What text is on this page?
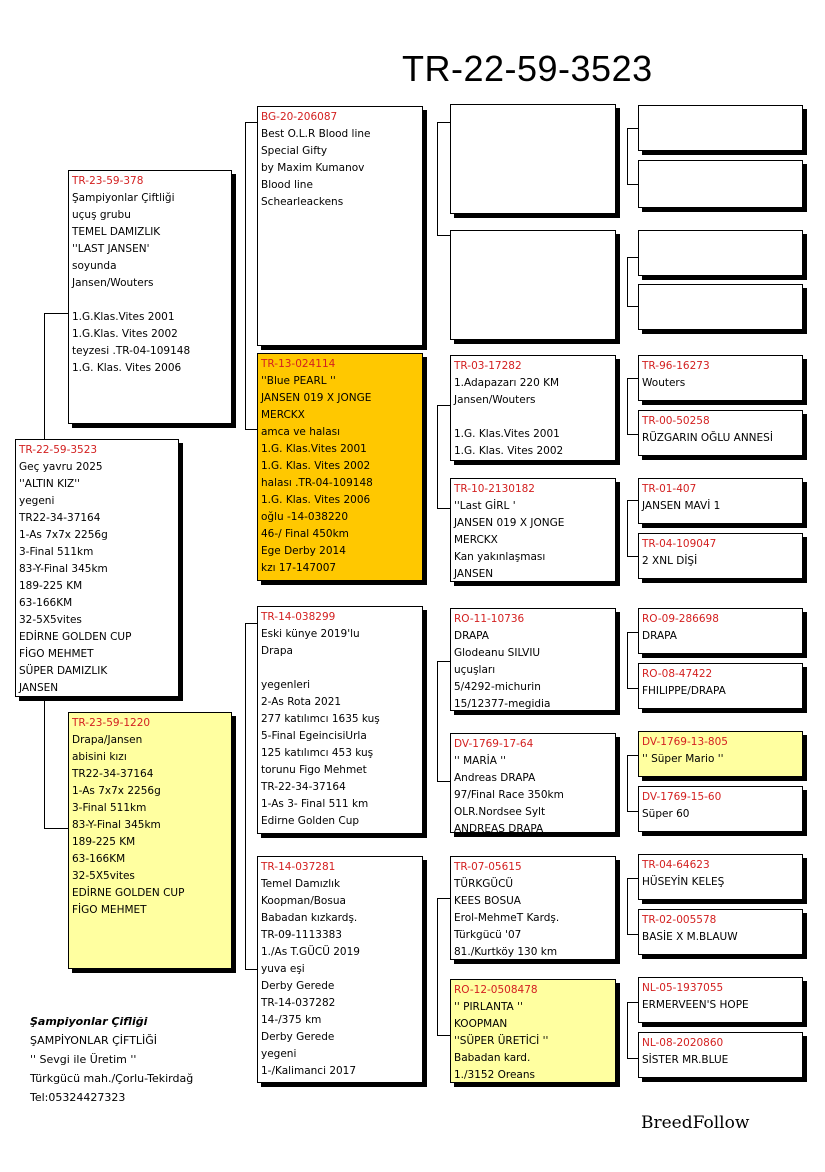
TR-22-59-3523
TR-22-59-3523
Geç yavru 2025
''ALTIN KIZ''
yegeni
TR22-34-37164
1-As 7x7x 2256g
3-Final 511km
83-Y-Final 345km
189-225 KM
63-166KM
32-5X5vites
EDİRNE GOLDEN CUP
FİGO MEHMET
SÜPER DAMIZLIK
JANSEN
TR-23-59-378
Şampiyonlar Çiftliği
uçuş grubu
TEMEL DAMIZLIK
''LAST JANSEN'
soyunda
Jansen/Wouters

1.G.Klas.Vites 2001
1.G.Klas. Vites 2002
teyzesi .TR-04-109148
1.G. Klas. Vites 2006
TR-23-59-1220
Drapa/Jansen
abisini kızı
TR22-34-37164
1-As 7x7x 2256g
3-Final 511km
83-Y-Final 345km
189-225 KM
63-166KM
32-5X5vites
EDİRNE GOLDEN CUP
FİGO MEHMET
BG-20-206087
Best O.L.R Blood line
Special Gifty
by Maxim Kumanov
Blood line
Schearleackens
TR-13-024114
''Blue PEARL ''
JANSEN 019 X JONGE
MERCKX
amca ve halası
1.G. Klas.Vites 2001
1.G. Klas. Vites 2002
halası .TR-04-109148
1.G. Klas. Vites 2006
oğlu -14-038220
46-/ Final 450km
Ege Derby 2014
kzı 17-147007
TR-14-038299
Eski künye 2019'lu
Drapa

yegenleri
2-As Rota 2021
277 katılımcı 1635 kuş
5-Final EgeincisiUrla
125 katılımcı 453 kuş
torunu Figo Mehmet
TR-22-34-37164
1-As 3- Final 511 km
Edirne Golden Cup
TR-14-037281
Temel Damızlık
Koopman/Bosua
Babadan kızkardş.
TR-09-1113383
1./As T.GÜCÜ 2019
yuva eşi
Derby Gerede
TR-14-037282
14-/375 km
Derby Gerede
yegeni
1-/Kalimanci 2017
TR-03-17282
1.Adapazarı 220 KM
Jansen/Wouters

1.G. Klas.Vites 2001
1.G. Klas. Vites 2002
TR-10-2130182
''Last GİRL '
JANSEN 019 X JONGE
MERCKX
Kan yakınlaşması
JANSEN
RO-11-10736
DRAPA
Glodeanu SILVIU
uçuşları
5/4292-michurin
15/12377-megidia
DV-1769-17-64
'' MARİA ''
Andreas DRAPA
97/Final Race 350km
OLR.Nordsee Sylt
ANDREAS DRAPA
TR-07-05615
TÜRKGÜCÜ
KEES BOSUA
Erol-MehmeT Kardş.
Türkgücü '07
81./Kurtköy 130 km
RO-12-0508478
'' PIRLANTA ''
KOOPMAN
''SÜPER ÜRETİCİ ''
Babadan kard.
1./3152 Oreans
TR-96-16273
Wouters
TR-00-50258
RÜZGARIN OĞLU ANNESİ
TR-01-407
JANSEN MAVİ 1
TR-04-109047
2 XNL DİŞİ
RO-09-286698
DRAPA
RO-08-47422
FHILIPPE/DRAPA
DV-1769-13-805
'' Süper Mario ''
DV-1769-15-60
Süper 60
TR-04-64623
HÜSEYİN KELEŞ
TR-02-005578
BASİE X M.BLAUW
NL-05-1937055
ERMERVEEN'S HOPE
NL-08-2020860
SİSTER MR.BLUE
Şampiyonlar Çifliği
ŞAMPİYONLAR ÇİFTLİĞİ
'' Sevgi ile Üretim ''
Türkgücü mah./Çorlu-Tekirdağ
Tel:05324427323
BreedFollow
